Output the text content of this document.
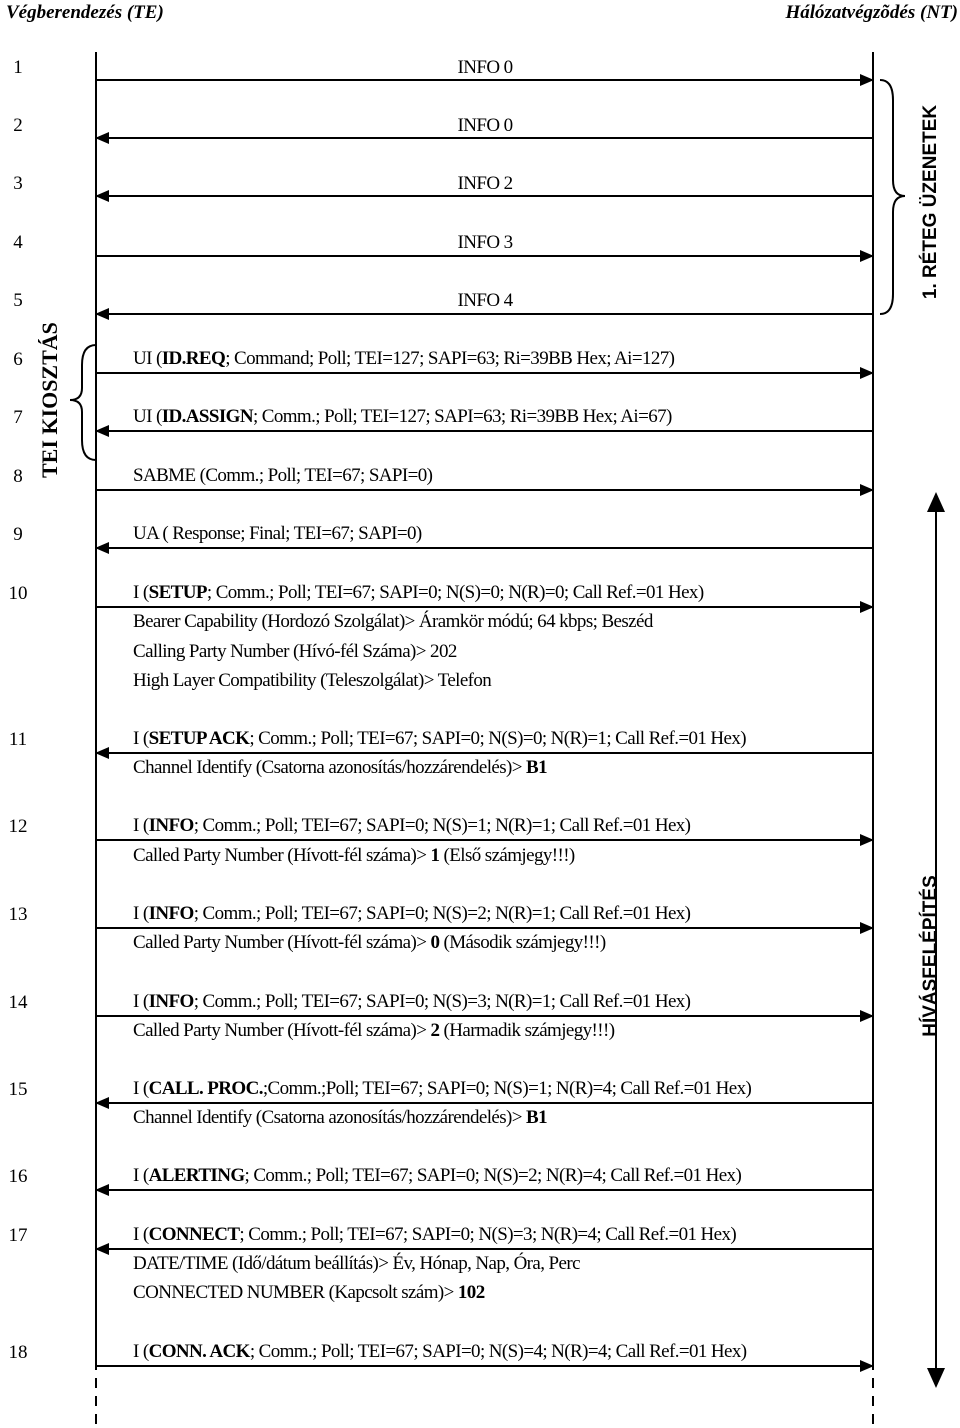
Végberendezés (TE)	Hálózatvégzõdés (NT)
1. RÉTEG ÜZENETEK
TEI KIOSZTÁS
HÍVÁSFELÉPÍTÉS
1
2
3
4
5
6
7
8
9
10
11
12
13
14
15
16
17
18
INFO 0
INFO 0
INFO 2
INFO 3
INFO 4
UI (ID.REQ; Command; Poll; TEI=127; SAPI=63; Ri=39BB Hex; Ai=127)
UI (ID.ASSIGN; Comm.; Poll; TEI=127; SAPI=63; Ri=39BB Hex; Ai=67)
SABME (Comm.; Poll; TEI=67; SAPI=0)
UA ( Response; Final; TEI=67; SAPI=0)
I (SETUP; Comm.; Poll; TEI=67; SAPI=0; N(S)=0; N(R)=0; Call Ref.=01 Hex)
Bearer Capability (Hordozó Szolgálat)> Áramkör módú; 64 kbps; Beszéd
Calling Party Number (Hívó-fél Száma)> 202
High Layer Compatibility (Teleszolgálat)> Telefon
I (SETUP ACK; Comm.; Poll; TEI=67; SAPI=0; N(S)=0; N(R)=1; Call Ref.=01 Hex)
Channel Identify (Csatorna azonosítás/hozzárendelés)> B1
I (INFO; Comm.; Poll; TEI=67; SAPI=0; N(S)=1; N(R)=1; Call Ref.=01 Hex)
Called Party Number (Hívott-fél száma)> 1 (Első számjegy!!!)
I (INFO; Comm.; Poll; TEI=67; SAPI=0; N(S)=2; N(R)=1; Call Ref.=01 Hex)
Called Party Number (Hívott-fél száma)> 0 (Második számjegy!!!)
I (INFO; Comm.; Poll; TEI=67; SAPI=0; N(S)=3; N(R)=1; Call Ref.=01 Hex)
Called Party Number (Hívott-fél száma)> 2 (Harmadik számjegy!!!)
I (CALL. PROC.;Comm.;Poll; TEI=67; SAPI=0; N(S)=1; N(R)=4; Call Ref.=01 Hex)
Channel Identify (Csatorna azonosítás/hozzárendelés)> B1
I (ALERTING; Comm.; Poll; TEI=67; SAPI=0; N(S)=2; N(R)=4; Call Ref.=01 Hex)
I (CONNECT; Comm.; Poll; TEI=67; SAPI=0; N(S)=3; N(R)=4; Call Ref.=01 Hex)
DATE/TIME (Idő/dátum beállítás)> Év, Hónap, Nap, Óra, Perc
CONNECTED NUMBER (Kapcsolt szám)> 102
I (CONN. ACK; Comm.; Poll; TEI=67; SAPI=0; N(S)=4; N(R)=4; Call Ref.=01 Hex)
